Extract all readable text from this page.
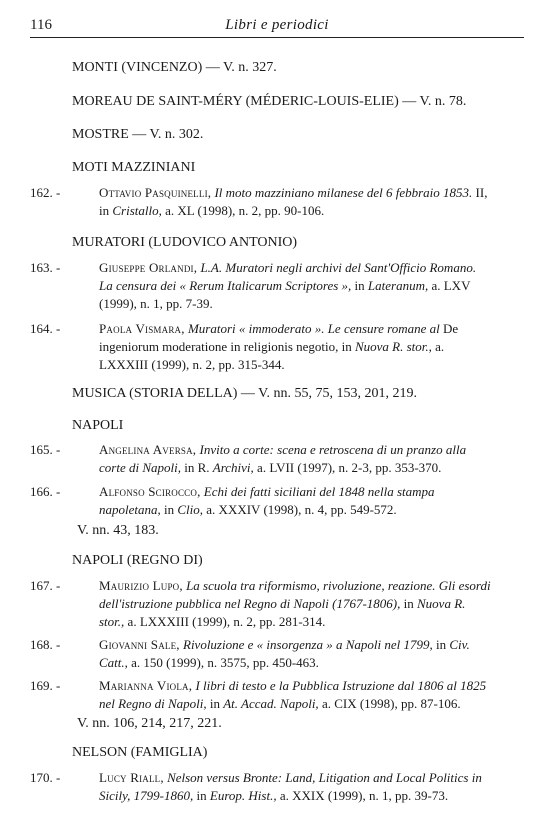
116	Libri e periodici
MONTI (VINCENZO) — V. n. 327.
MOREAU DE SAINT-MÉRY (MÉDERIC-LOUIS-ELIE) — V. n. 78.
MOSTRE — V. n. 302.
MOTI MAZZINIANI
162. -	Ottavio Pasquinelli, Il moto mazziniano milanese del 6 febbraio 1853. II, in Cristallo, a. XL (1998), n. 2, pp. 90-106.
MURATORI (LUDOVICO ANTONIO)
163. -	Giuseppe Orlandi, L.A. Muratori negli archivi del Sant'Officio Romano. La censura dei « Rerum Italicarum Scriptores », in Lateranum, a. LXV (1999), n. 1, pp. 7-39.
164. -	Paola Vismara, Muratori « immoderato ». Le censure romane al De ingeniorum moderatione in religionis negotio, in Nuova R. stor., a. LXXXIII (1999), n. 2, pp. 315-344.
MUSICA (STORIA DELLA) — V. nn. 55, 75, 153, 201, 219.
NAPOLI
165. -	Angelina Aversa, Invito a corte: scena e retroscena di un pranzo alla corte di Napoli, in R. Archivi, a. LVII (1997), n. 2-3, pp. 353-370.
166. -	Alfonso Scirocco, Echi dei fatti siciliani del 1848 nella stampa napoletana, in Clio, a. XXXIV (1998), n. 4, pp. 549-572.
V. nn. 43, 183.
NAPOLI (REGNO DI)
167. -	Maurizio Lupo, La scuola tra riformismo, rivoluzione, reazione. Gli esordi dell'istruzione pubblica nel Regno di Napoli (1767-1806), in Nuova R. stor., a. LXXXIII (1999), n. 2, pp. 281-314.
168. -	Giovanni Sale, Rivoluzione e « insorgenza » a Napoli nel 1799, in Civ. Catt., a. 150 (1999), n. 3575, pp. 450-463.
169. -	Marianna Viola, I libri di testo e la Pubblica Istruzione dal 1806 al 1825 nel Regno di Napoli, in At. Accad. Napoli, a. CIX (1998), pp. 87-106.
V. nn. 106, 214, 217, 221.
NELSON (FAMIGLIA)
170. -	Lucy Riall, Nelson versus Bronte: Land, Litigation and Local Politics in Sicily, 1799-1860, in Europ. Hist., a. XXIX (1999), n. 1, pp. 39-73.
